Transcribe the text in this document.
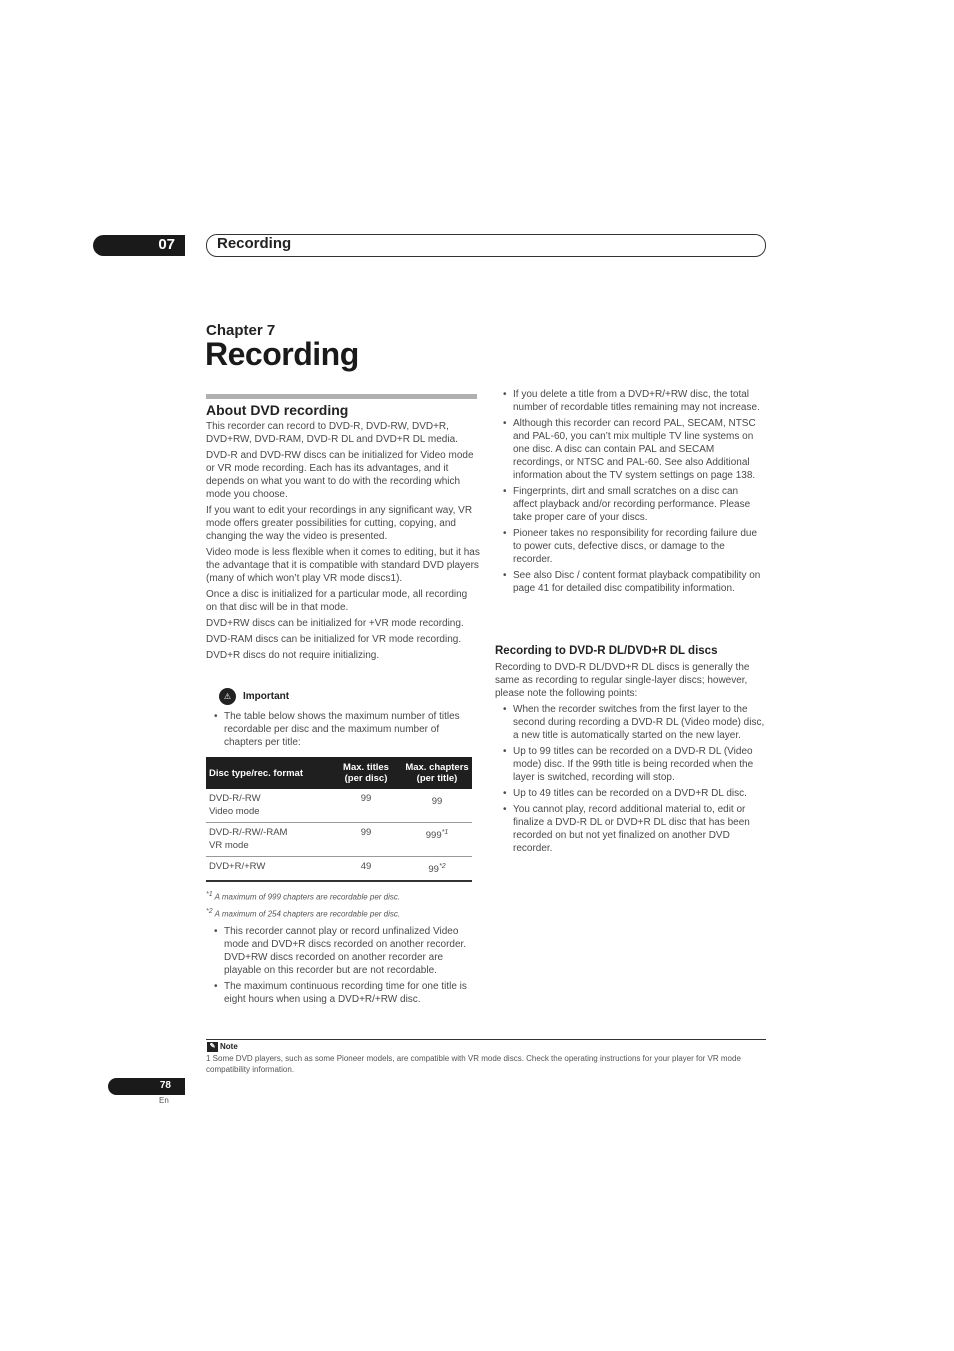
07	Recording
Chapter 7
Recording
About DVD recording

This recorder can record to DVD-R, DVD-RW, DVD+R, DVD+RW, DVD-RAM, DVD-R DL and DVD+R DL media.

DVD-R and DVD-RW discs can be initialized for Video mode or VR mode recording. Each has its advantages, and it depends on what you want to do with the recording which mode you choose.

If you want to edit your recordings in any significant way, VR mode offers greater possibilities for cutting, copying, and changing the way the video is presented.

Video mode is less flexible when it comes to editing, but it has the advantage that it is compatible with standard DVD players (many of which won’t play VR mode discs1).

Once a disc is initialized for a particular mode, all recording on that disc will be in that mode.

DVD+RW discs can be initialized for +VR mode recording.

DVD-RAM discs can be initialized for VR mode recording.

DVD+R discs do not require initializing.

⚠	Important
• The table below shows the maximum number of titles recordable per disc and the maximum number of chapters per title:
Disc type/rec. format	Max. titles (per disc)	Max. chapters (per title)

DVD-R/-RW
Video mode	99	99

DVD-R/-RW/-RAM
VR mode	99	999$^{*1}$

DVD+R/+RW	49	99$^{*2}$
$^{*1}$ A maximum of 999 chapters are recordable per disc.
$^{*2}$ A maximum of 254 chapters are recordable per disc.
• This recorder cannot play or record unfinalized Video mode and DVD+R discs recorded on another recorder. DVD+RW discs recorded on another recorder are playable on this recorder but are not recordable.
• The maximum continuous recording time for one title is eight hours when using a DVD+R/+RW disc.
• If you delete a title from a DVD+R/+RW disc, the total number of recordable titles remaining may not increase.
• Although this recorder can record PAL, SECAM, NTSC and PAL-60, you can’t mix multiple TV line systems on one disc. A disc can contain PAL and SECAM recordings, or NTSC and PAL-60. See also Additional information about the TV system settings on page 138.
• Fingerprints, dirt and small scratches on a disc can affect playback and/or recording performance. Please take proper care of your discs.
• Pioneer takes no responsibility for recording failure due to power cuts, defective discs, or damage to the recorder.
• See also Disc / content format playback compatibility on page 41 for detailed disc compatibility information.
Recording to DVD-R DL/DVD+R DL discs
Recording to DVD-R DL/DVD+R DL discs is generally the same as recording to regular single-layer discs; however, please note the following points:
• When the recorder switches from the first layer to the second during recording a DVD-R DL (Video mode) disc, a new title is automatically started on the new layer.
• Up to 99 titles can be recorded on a DVD-R DL (Video mode) disc. If the 99th title is being recorded when the layer is switched, recording will stop.
• Up to 49 titles can be recorded on a DVD+R DL disc.
• You cannot play, record additional material to, edit or finalize a DVD-R DL or DVD+R DL disc that has been recorded on but not yet finalized on another DVD recorder.
✎ Note
1 Some DVD players, such as some Pioneer models, are compatible with VR mode discs. Check the operating instructions for your player for VR mode compatibility information.
78
En
